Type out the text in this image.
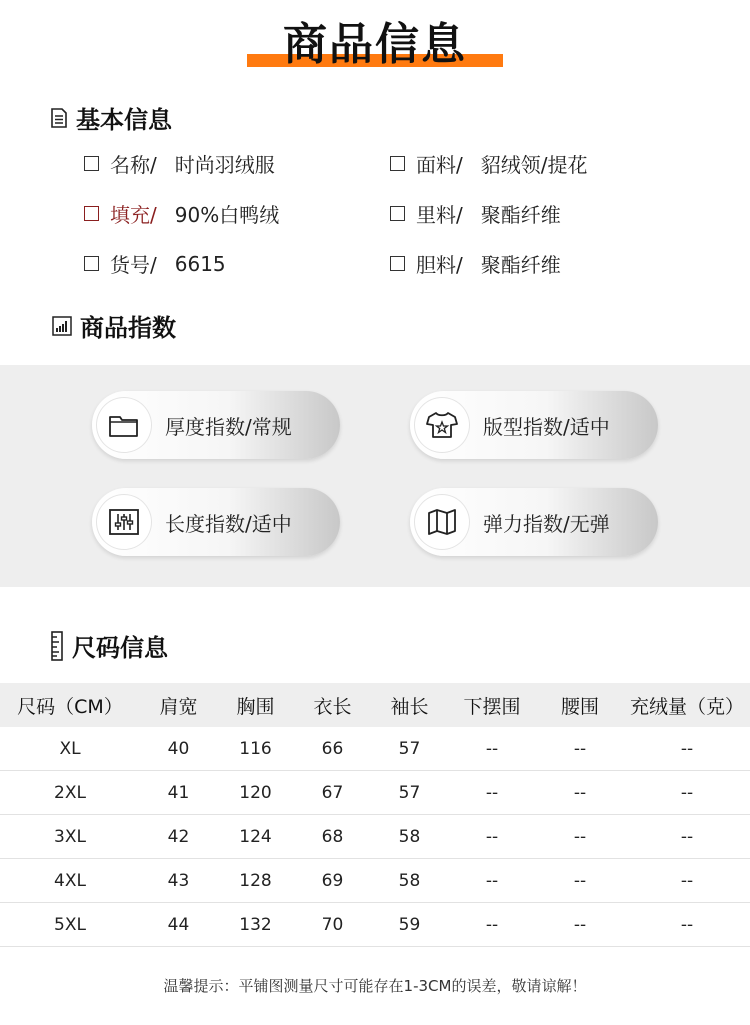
商品信息
基本信息
名称/ 时尚羽绒服	面料/ 貂绒领/提花
填充/ 90%白鸭绒	里料/ 聚酯纤维
货号/ 6615	胆料/ 聚酯纤维
商品指数
厚度指数/常规	版型指数/适中
长度指数/适中	弹力指数/无弹
尺码信息
尺码（CM）	肩宽	胸围	衣长	袖长	下摆围	腰围	充绒量（克）
XL	40	116	66	57	--	--	--
2XL	41	120	67	57	--	--	--
3XL	42	124	68	58	--	--	--
4XL	43	128	69	58	--	--	--
5XL	44	132	70	59	--	--	--
温馨提示：平铺图测量尺寸可能存在1-3CM的误差，敬请谅解！
